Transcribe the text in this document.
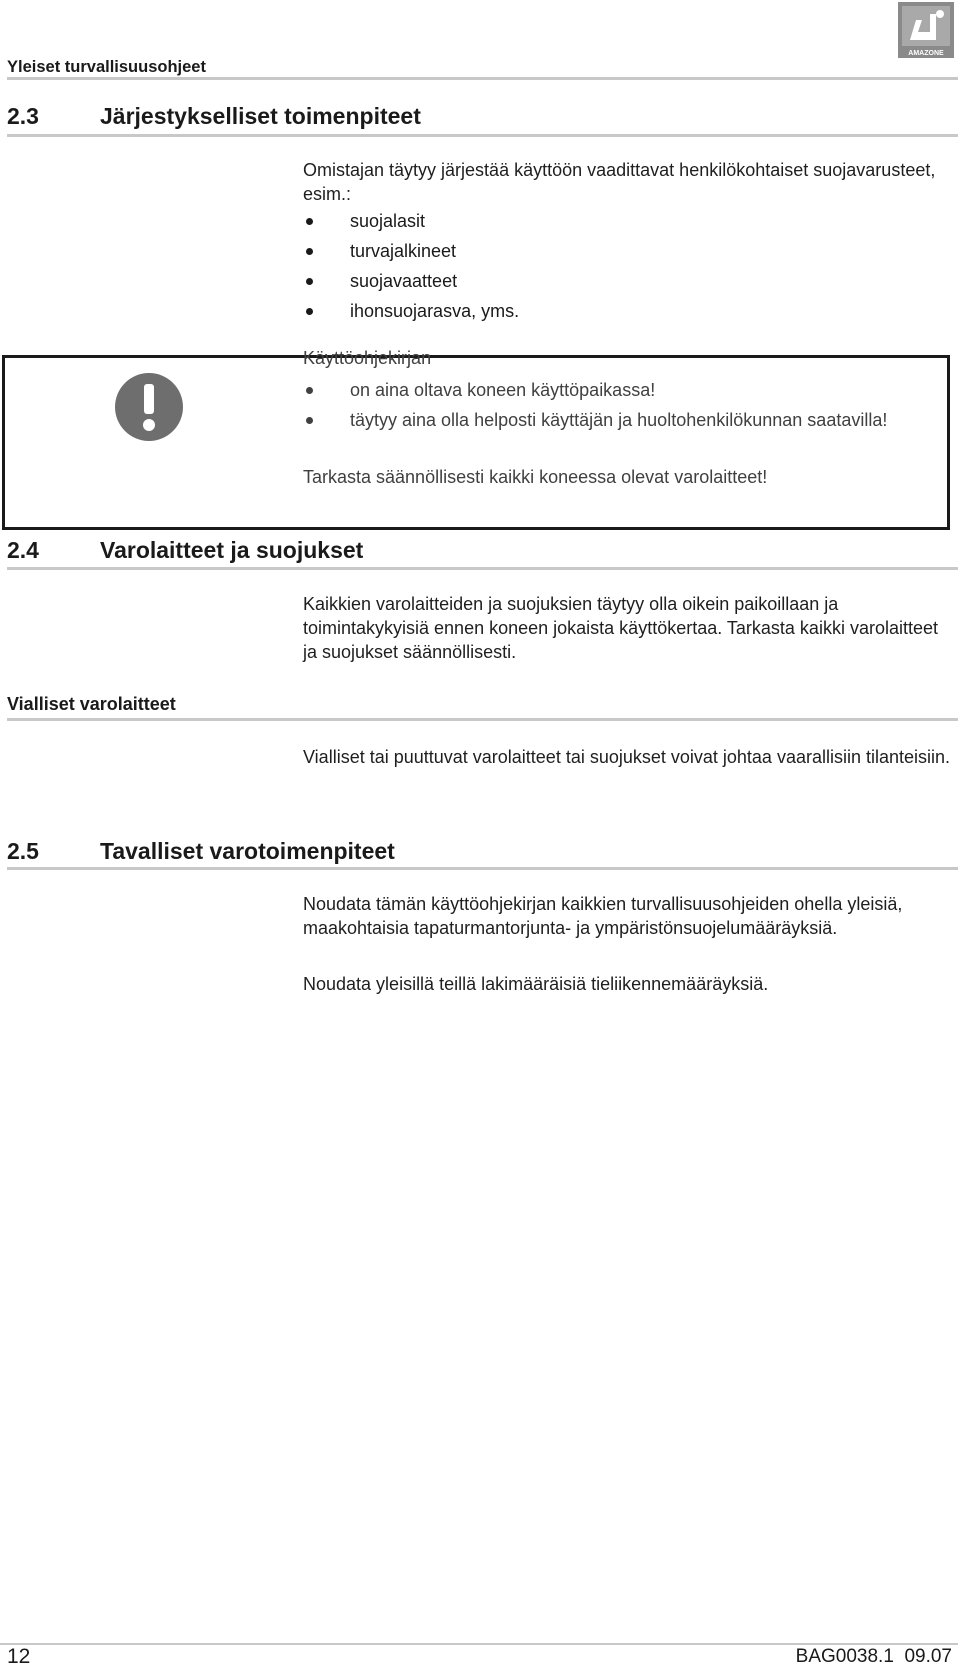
Yleiset turvallisuusohjeet
AMAZONE
2.3	Järjestykselliset toimenpiteet
Omistajan täytyy järjestää käyttöön vaadittavat henkilökohtaiset suojavarusteet, esim.:
suojalasit
turvajalkineet
suojavaatteet
ihonsuojarasva, yms.
Käyttöohjekirjan
on aina oltava koneen käyttöpaikassa!
täytyy aina olla helposti käyttäjän ja huoltohenkilökunnan saatavilla!
Tarkasta säännöllisesti kaikki koneessa olevat varolaitteet!
2.4	Varolaitteet ja suojukset
Kaikkien varolaitteiden ja suojuksien täytyy olla oikein paikoillaan ja toimintakykyisiä ennen koneen jokaista käyttökertaa. Tarkasta kaikki varolaitteet ja suojukset säännöllisesti.
Vialliset varolaitteet
Vialliset tai puuttuvat varolaitteet tai suojukset voivat johtaa vaarallisiin tilanteisiin.
2.5	Tavalliset varotoimenpiteet
Noudata tämän käyttöohjekirjan kaikkien turvallisuusohjeiden ohella yleisiä, maakohtaisia tapaturmantorjunta- ja ympäristönsuojelumääräyksiä.
Noudata yleisillä teillä lakimääräisiä tieliikennemääräyksiä.
12	BAG0038.1  09.07
